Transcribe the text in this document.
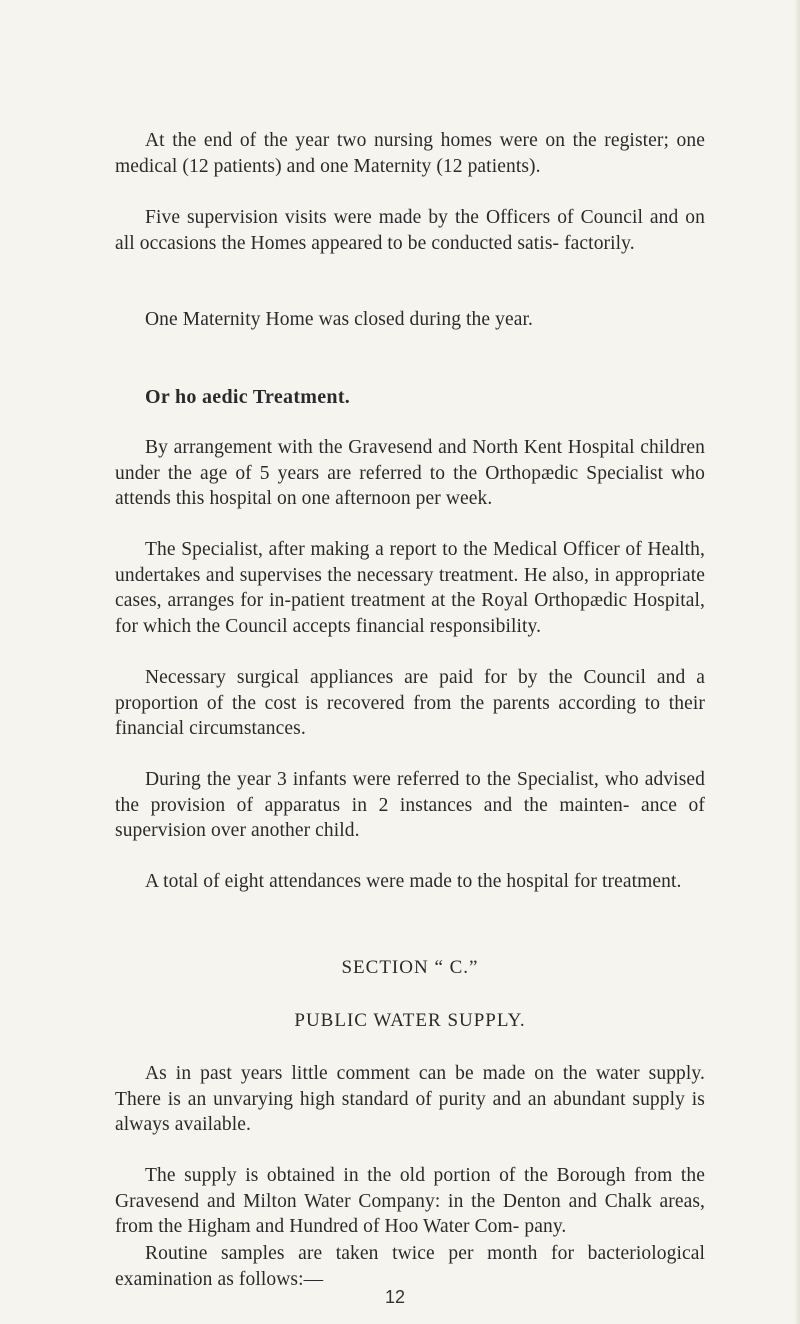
At the end of the year two nursing homes were on the register; one medical (12 patients) and one Maternity (12 patients).

Five supervision visits were made by the Officers of Council and on all occasions the Homes appeared to be conducted satis- factorily.

One Maternity Home was closed during the year.

Or ho aedic Treatment.

By arrangement with the Gravesend and North Kent Hospital children under the age of 5 years are referred to the Orthopædic Specialist who attends this hospital on one afternoon per week.

The Specialist, after making a report to the Medical Officer of Health, undertakes and supervises the necessary treatment. He also, in appropriate cases, arranges for in-patient treatment at the Royal Orthopædic Hospital, for which the Council accepts financial responsibility.

Necessary surgical appliances are paid for by the Council and a proportion of the cost is recovered from the parents according to their financial circumstances.

During the year 3 infants were referred to the Specialist, who advised the provision of apparatus in 2 instances and the mainten- ance of supervision over another child.

A total of eight attendances were made to the hospital for treatment.

SECTION “ C.”
PUBLIC WATER SUPPLY.

As in past years little comment can be made on the water supply. There is an unvarying high standard of purity and an abundant supply is always available.

The supply is obtained in the old portion of the Borough from the Gravesend and Milton Water Company: in the Denton and Chalk areas, from the Higham and Hundred of Hoo Water Com- pany.

Routine samples are taken twice per month for bacteriological examination as follows:—

12
